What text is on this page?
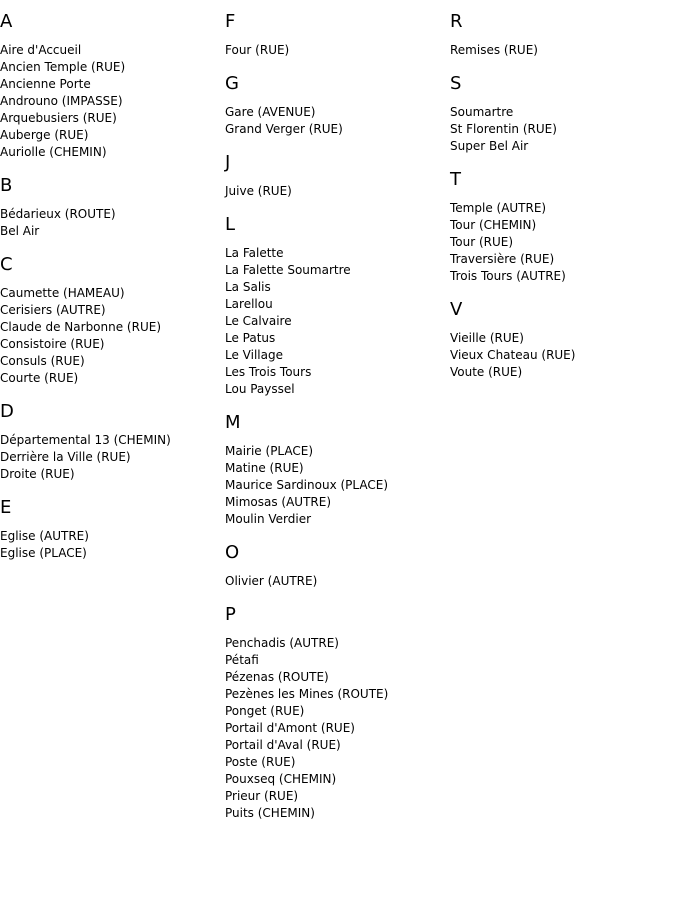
A
Aire d'Accueil
Ancien Temple (RUE)
Ancienne Porte
Androuno (IMPASSE)
Arquebusiers (RUE)
Auberge (RUE)
Auriolle (CHEMIN)
B
Bédarieux (ROUTE)
Bel Air
C
Caumette (HAMEAU)
Cerisiers (AUTRE)
Claude de Narbonne (RUE)
Consistoire (RUE)
Consuls (RUE)
Courte (RUE)
D
Départemental 13 (CHEMIN)
Derrière la Ville (RUE)
Droite (RUE)
E
Eglise (AUTRE)
Eglise (PLACE)
F
Four (RUE)
G
Gare (AVENUE)
Grand Verger (RUE)
J
Juive (RUE)
L
La Falette
La Falette Soumartre
La Salis
Larellou
Le Calvaire
Le Patus
Le Village
Les Trois Tours
Lou Payssel
M
Mairie (PLACE)
Matine (RUE)
Maurice Sardinoux (PLACE)
Mimosas (AUTRE)
Moulin Verdier
O
Olivier (AUTRE)
P
Penchadis (AUTRE)
Pétafi
Pézenas (ROUTE)
Pezènes les Mines (ROUTE)
Ponget (RUE)
Portail d'Amont (RUE)
Portail d'Aval (RUE)
Poste (RUE)
Pouxseq (CHEMIN)
Prieur (RUE)
Puits (CHEMIN)
R
Remises (RUE)
S
Soumartre
St Florentin (RUE)
Super Bel Air
T
Temple (AUTRE)
Tour (CHEMIN)
Tour (RUE)
Traversière (RUE)
Trois Tours (AUTRE)
V
Vieille (RUE)
Vieux Chateau (RUE)
Voute (RUE)
